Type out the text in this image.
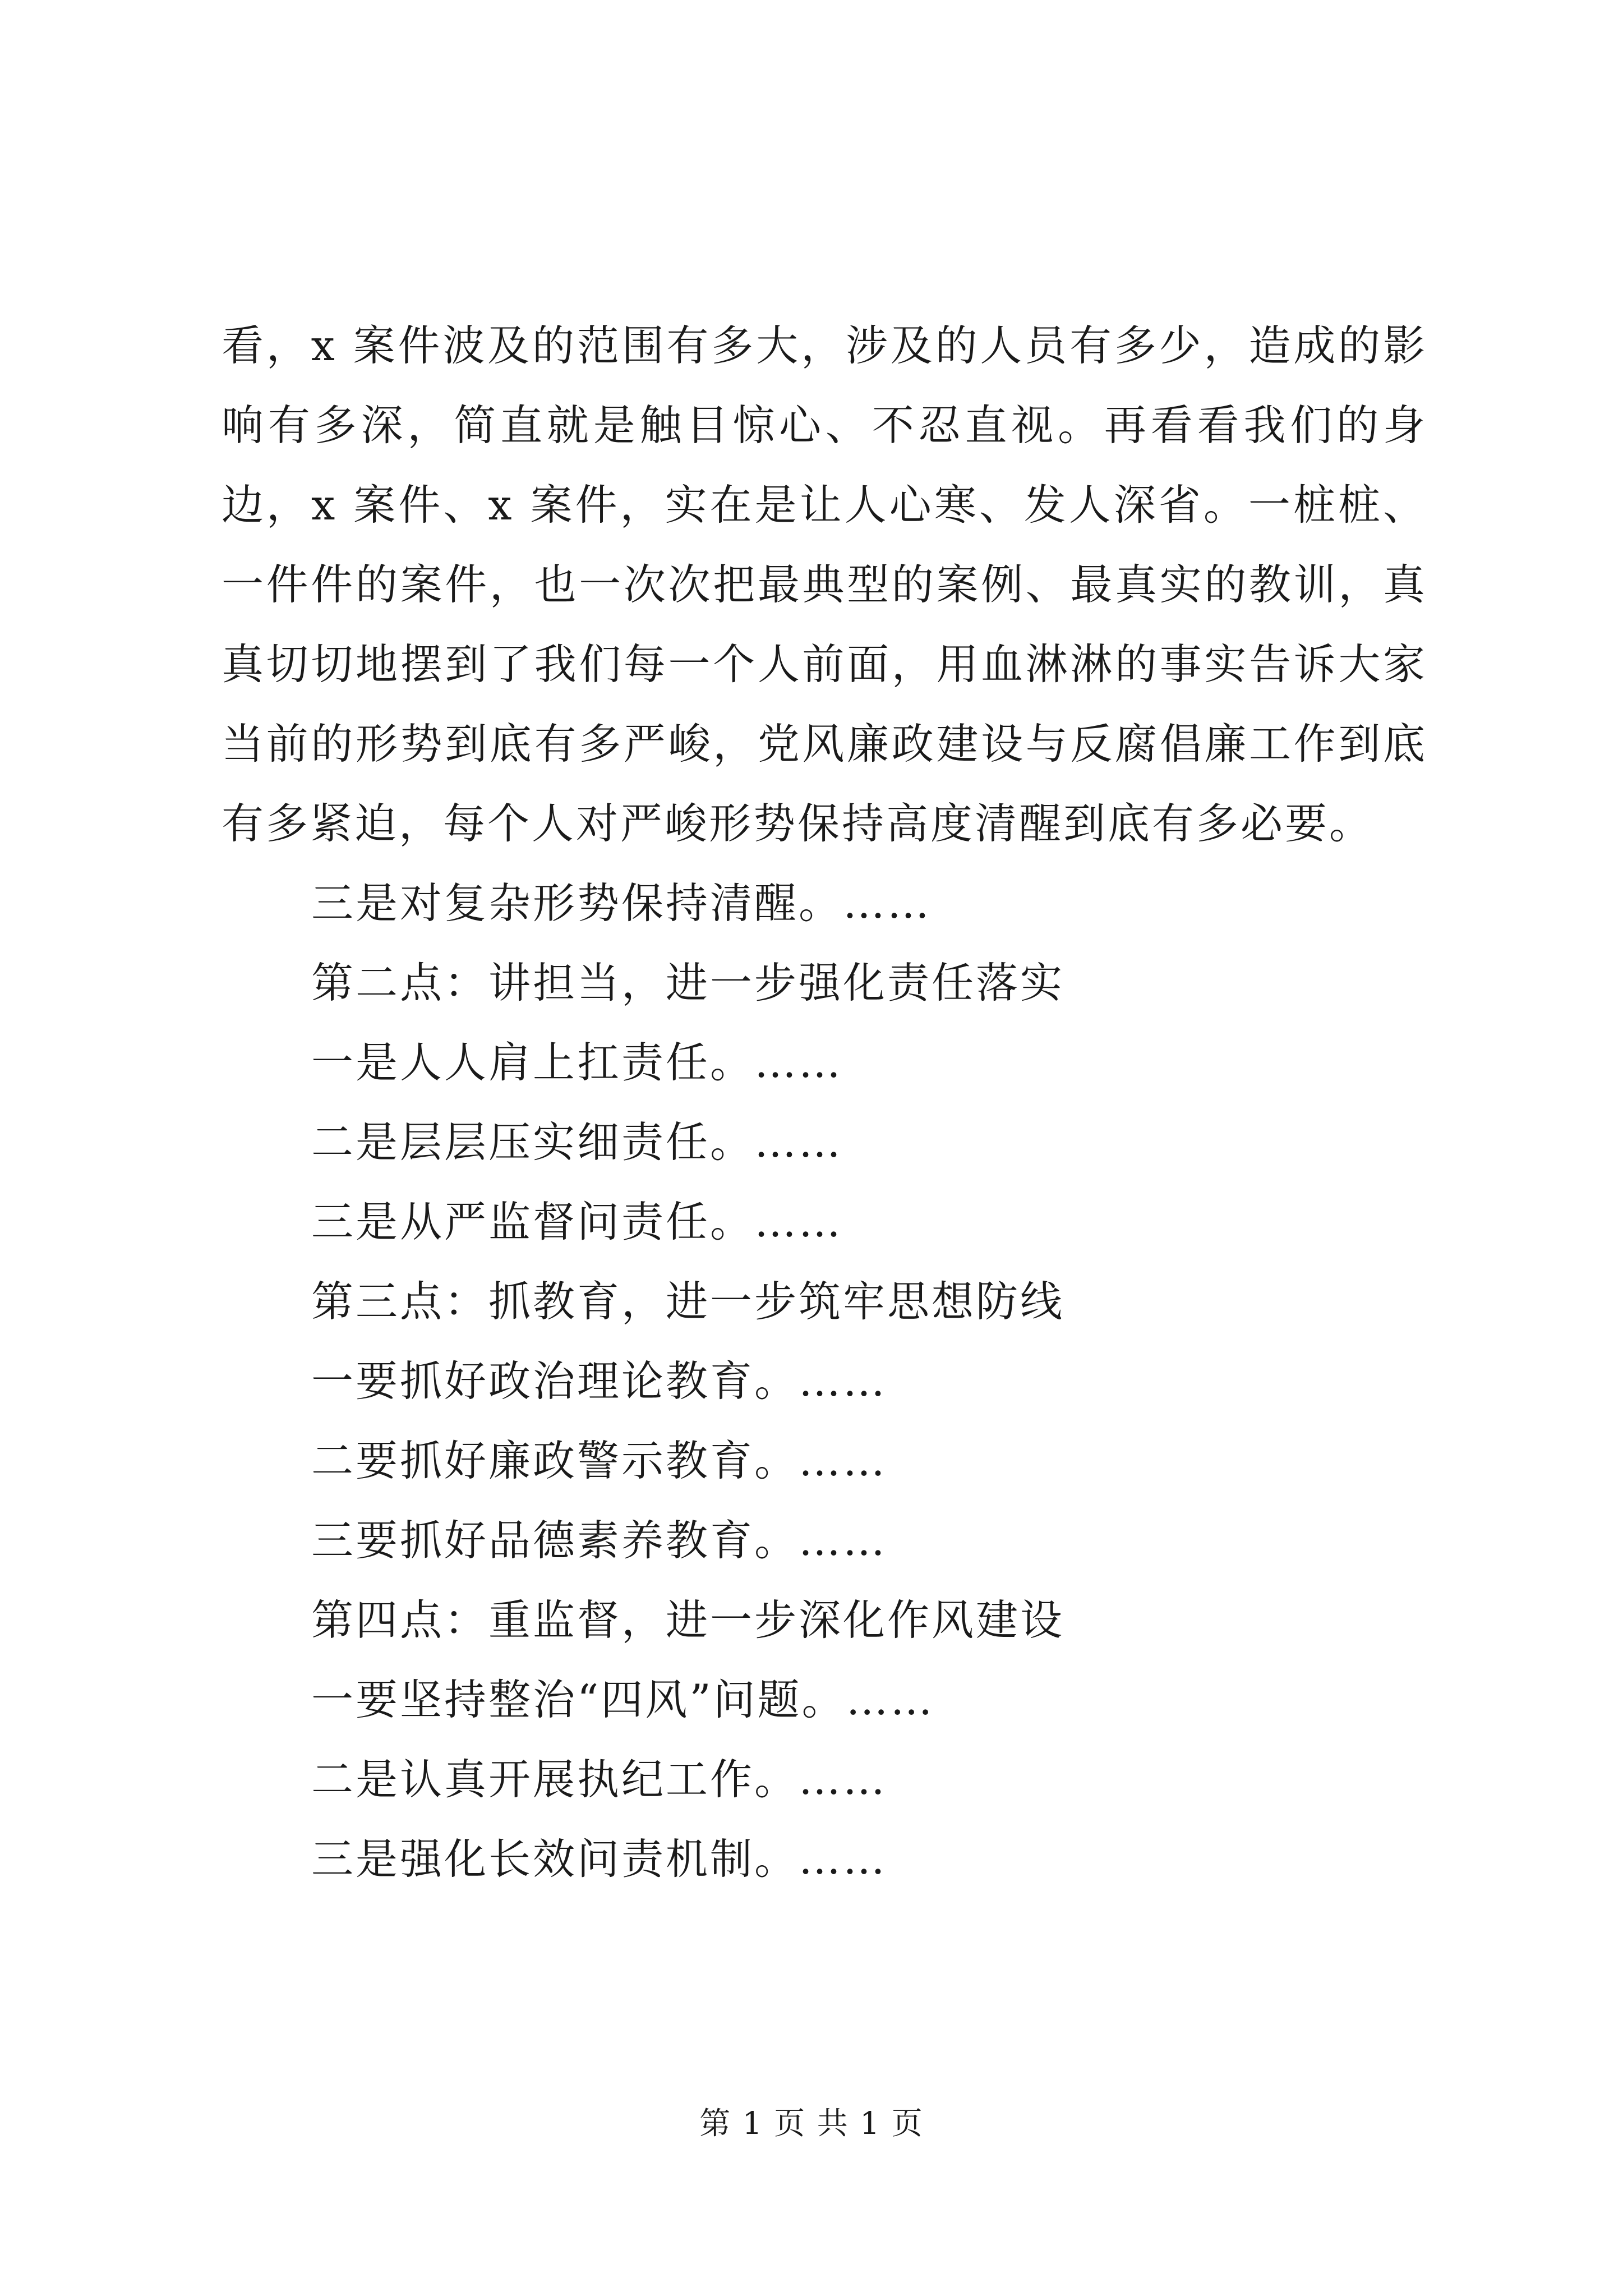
看，x 案件波及的范围有多大，涉及的人员有多少，造成的影响有多深，简直就是触目惊心、不忍直视。再看看我们的身边，x 案件、x 案件，实在是让人心寒、发人深省。一桩桩、一件件的案件，也一次次把最典型的案例、最真实的教训，真真切切地摆到了我们每一个人前面，用血淋淋的事实告诉大家当前的形势到底有多严峻，党风廉政建设与反腐倡廉工作到底有多紧迫，每个人对严峻形势保持高度清醒到底有多必要。

三是对复杂形势保持清醒。……

第二点：讲担当，进一步强化责任落实

一是人人肩上扛责任。……

二是层层压实细责任。……

三是从严监督问责任。……

第三点：抓教育，进一步筑牢思想防线

一要抓好政治理论教育。……

二要抓好廉政警示教育。……

三要抓好品德素养教育。……

第四点：重监督，进一步深化作风建设

一要坚持整治“四风”问题。……

二是认真开展执纪工作。……

三是强化长效问责机制。……

第 1 页 共 1 页
